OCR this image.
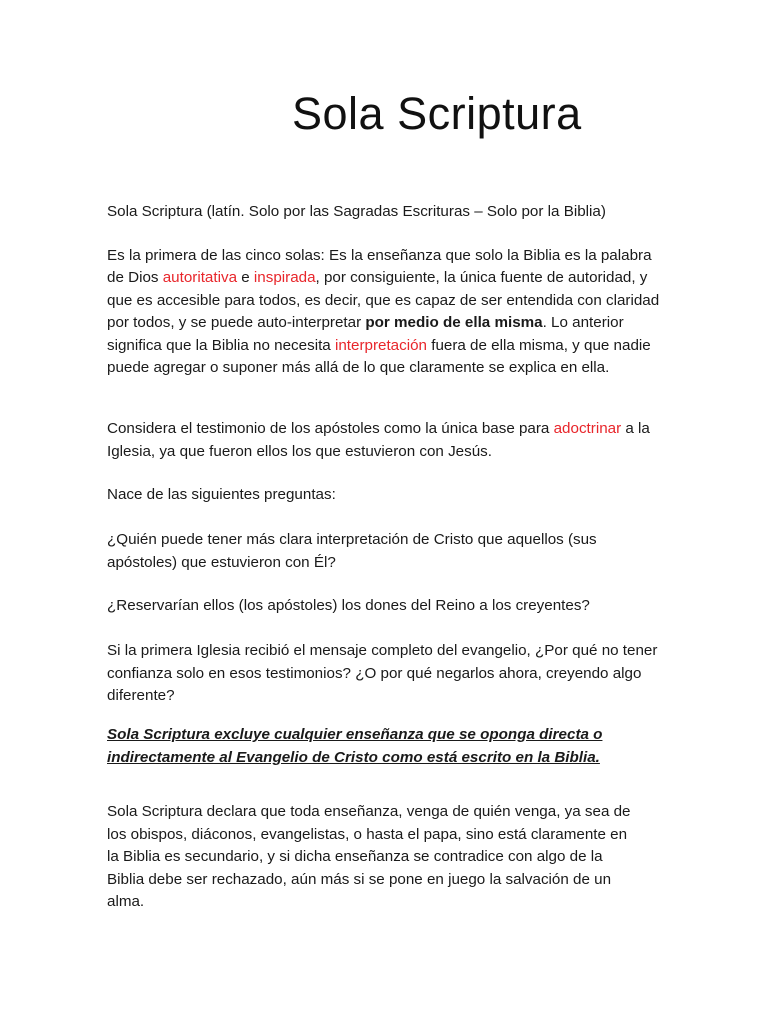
Sola Scriptura

Sola Scriptura (latín. Solo por las Sagradas Escrituras – Solo por la Biblia)

Es la primera de las cinco solas: Es la enseñanza que solo la Biblia es la palabra de Dios autoritativa e inspirada, por consiguiente, la única fuente de autoridad, y que es accesible para todos, es decir, que es capaz de ser entendida con claridad por todos, y se puede auto-interpretar por medio de ella misma. Lo anterior significa que la Biblia no necesita interpretación fuera de ella misma, y que nadie puede agregar o suponer más allá de lo que claramente se explica en ella.

Considera el testimonio de los apóstoles como la única base para adoctrinar a la Iglesia, ya que fueron ellos los que estuvieron con Jesús.

Nace de las siguientes preguntas:

¿Quién puede tener más clara interpretación de Cristo que aquellos (sus apóstoles) que estuvieron con Él?

¿Reservarían ellos (los apóstoles) los dones del Reino a los creyentes?

Si la primera Iglesia recibió el mensaje completo del evangelio, ¿Por qué no tener confianza solo en esos testimonios? ¿O por qué negarlos ahora, creyendo algo diferente?

Sola Scriptura excluye cualquier enseñanza que se oponga directa o indirectamente al Evangelio de Cristo como está escrito en la Biblia.

Sola Scriptura declara que toda enseñanza, venga de quién venga, ya sea de los obispos, diáconos, evangelistas, o hasta el papa, sino está claramente en la Biblia es secundario, y si dicha enseñanza se contradice con algo de la Biblia debe ser rechazado, aún más si se pone en juego la salvación de un alma.
